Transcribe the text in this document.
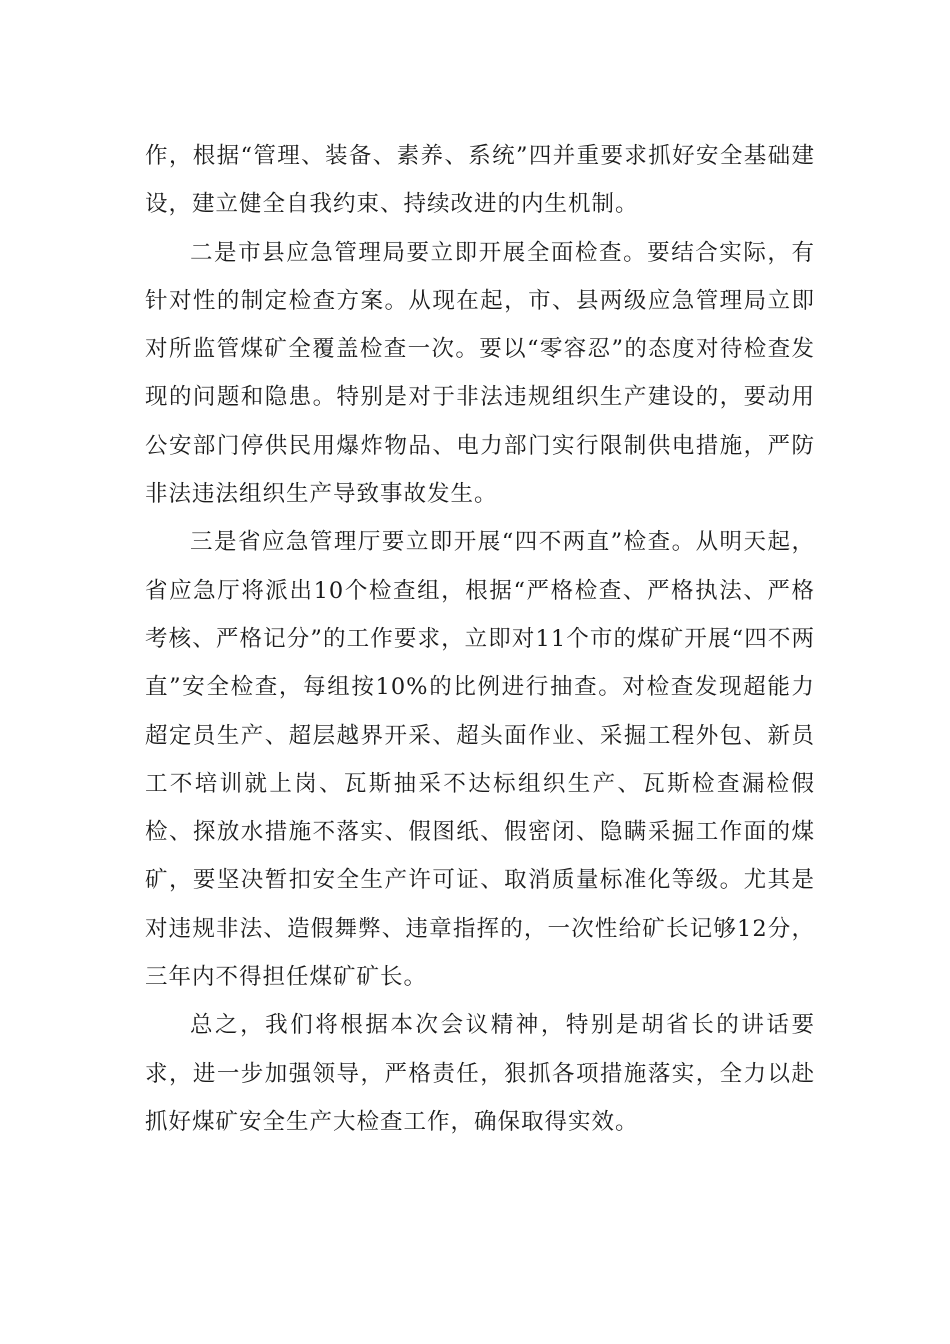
作，根据“管理、装备、素养、系统”四并重要求抓好安全基础建设，建立健全自我约束、持续改进的内生机制。

二是市县应急管理局要立即开展全面检查。要结合实际，有针对性的制定检查方案。从现在起，市、县两级应急管理局立即对所监管煤矿全覆盖检查一次。要以“零容忍”的态度对待检查发现的问题和隐患。特别是对于非法违规组织生产建设的，要动用公安部门停供民用爆炸物品、电力部门实行限制供电措施，严防非法违法组织生产导致事故发生。

三是省应急管理厅要立即开展“四不两直”检查。从明天起，省应急厅将派出10个检查组，根据“严格检查、严格执法、严格考核、严格记分”的工作要求，立即对11个市的煤矿开展“四不两直”安全检查，每组按10%的比例进行抽查。对检查发现超能力超定员生产、超层越界开采、超头面作业、采掘工程外包、新员工不培训就上岗、瓦斯抽采不达标组织生产、瓦斯检查漏检假检、探放水措施不落实、假图纸、假密闭、隐瞒采掘工作面的煤矿，要坚决暂扣安全生产许可证、取消质量标准化等级。尤其是对违规非法、造假舞弊、违章指挥的，一次性给矿长记够12分，三年内不得担任煤矿矿长。

总之，我们将根据本次会议精神，特别是胡省长的讲话要求，进一步加强领导，严格责任，狠抓各项措施落实，全力以赴抓好煤矿安全生产大检查工作，确保取得实效。
